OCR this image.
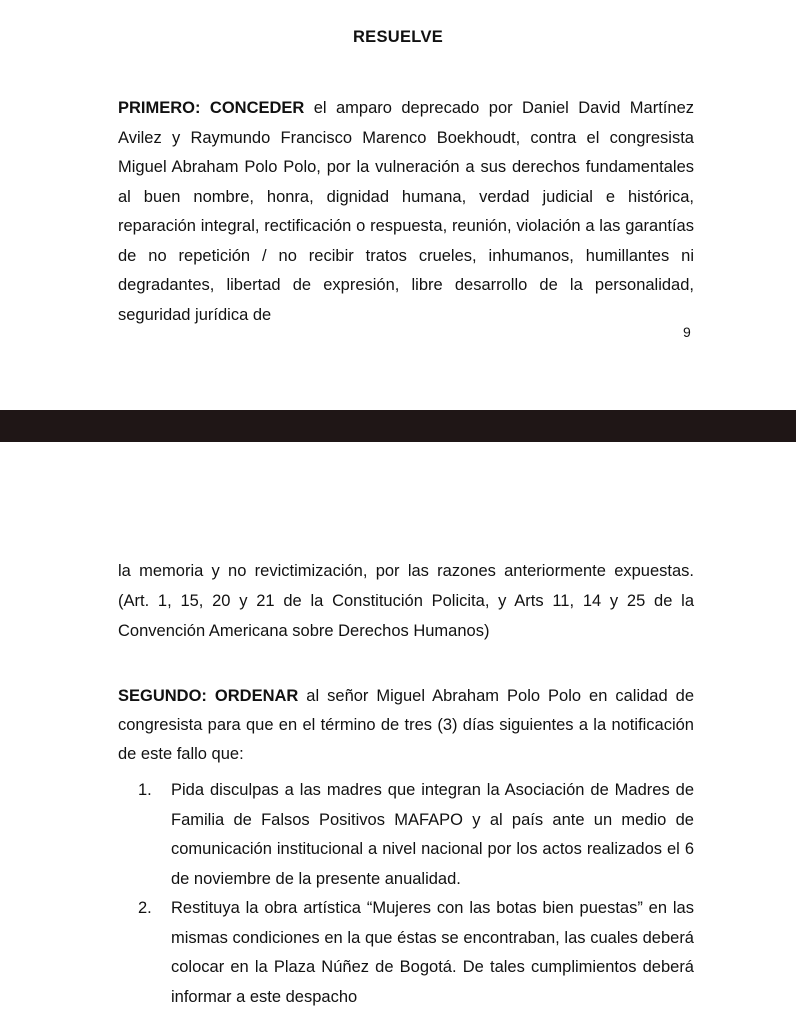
RESUELVE

PRIMERO: CONCEDER el amparo deprecado por Daniel David Martínez Avilez y Raymundo Francisco Marenco Boekhoudt, contra el congresista Miguel Abraham Polo Polo, por la vulneración a sus derechos fundamentales al buen nombre, honra, dignidad humana, verdad judicial e histórica, reparación integral, rectificación o respuesta, reunión, violación a las garantías de no repetición / no recibir tratos crueles, inhumanos, humillantes ni degradantes, libertad de expresión, libre desarrollo de la personalidad, seguridad jurídica de

9

la memoria y no revictimización, por las razones anteriormente expuestas. (Art. 1, 15, 20 y 21 de la Constitución Policita, y Arts 11, 14 y 25 de la Convención Americana sobre Derechos Humanos)

SEGUNDO: ORDENAR al señor Miguel Abraham Polo Polo en calidad de congresista para que en el término de tres (3) días siguientes a la notificación de este fallo que:

1. Pida disculpas a las madres que integran la Asociación de Madres de Familia de Falsos Positivos MAFAPO y al país ante un medio de comunicación institucional a nivel nacional por los actos realizados el 6 de noviembre de la presente anualidad.
2. Restituya la obra artística “Mujeres con las botas bien puestas” en las mismas condiciones en la que éstas se encontraban, las cuales deberá colocar en la Plaza Núñez de Bogotá. De tales cumplimientos deberá informar a este despacho
